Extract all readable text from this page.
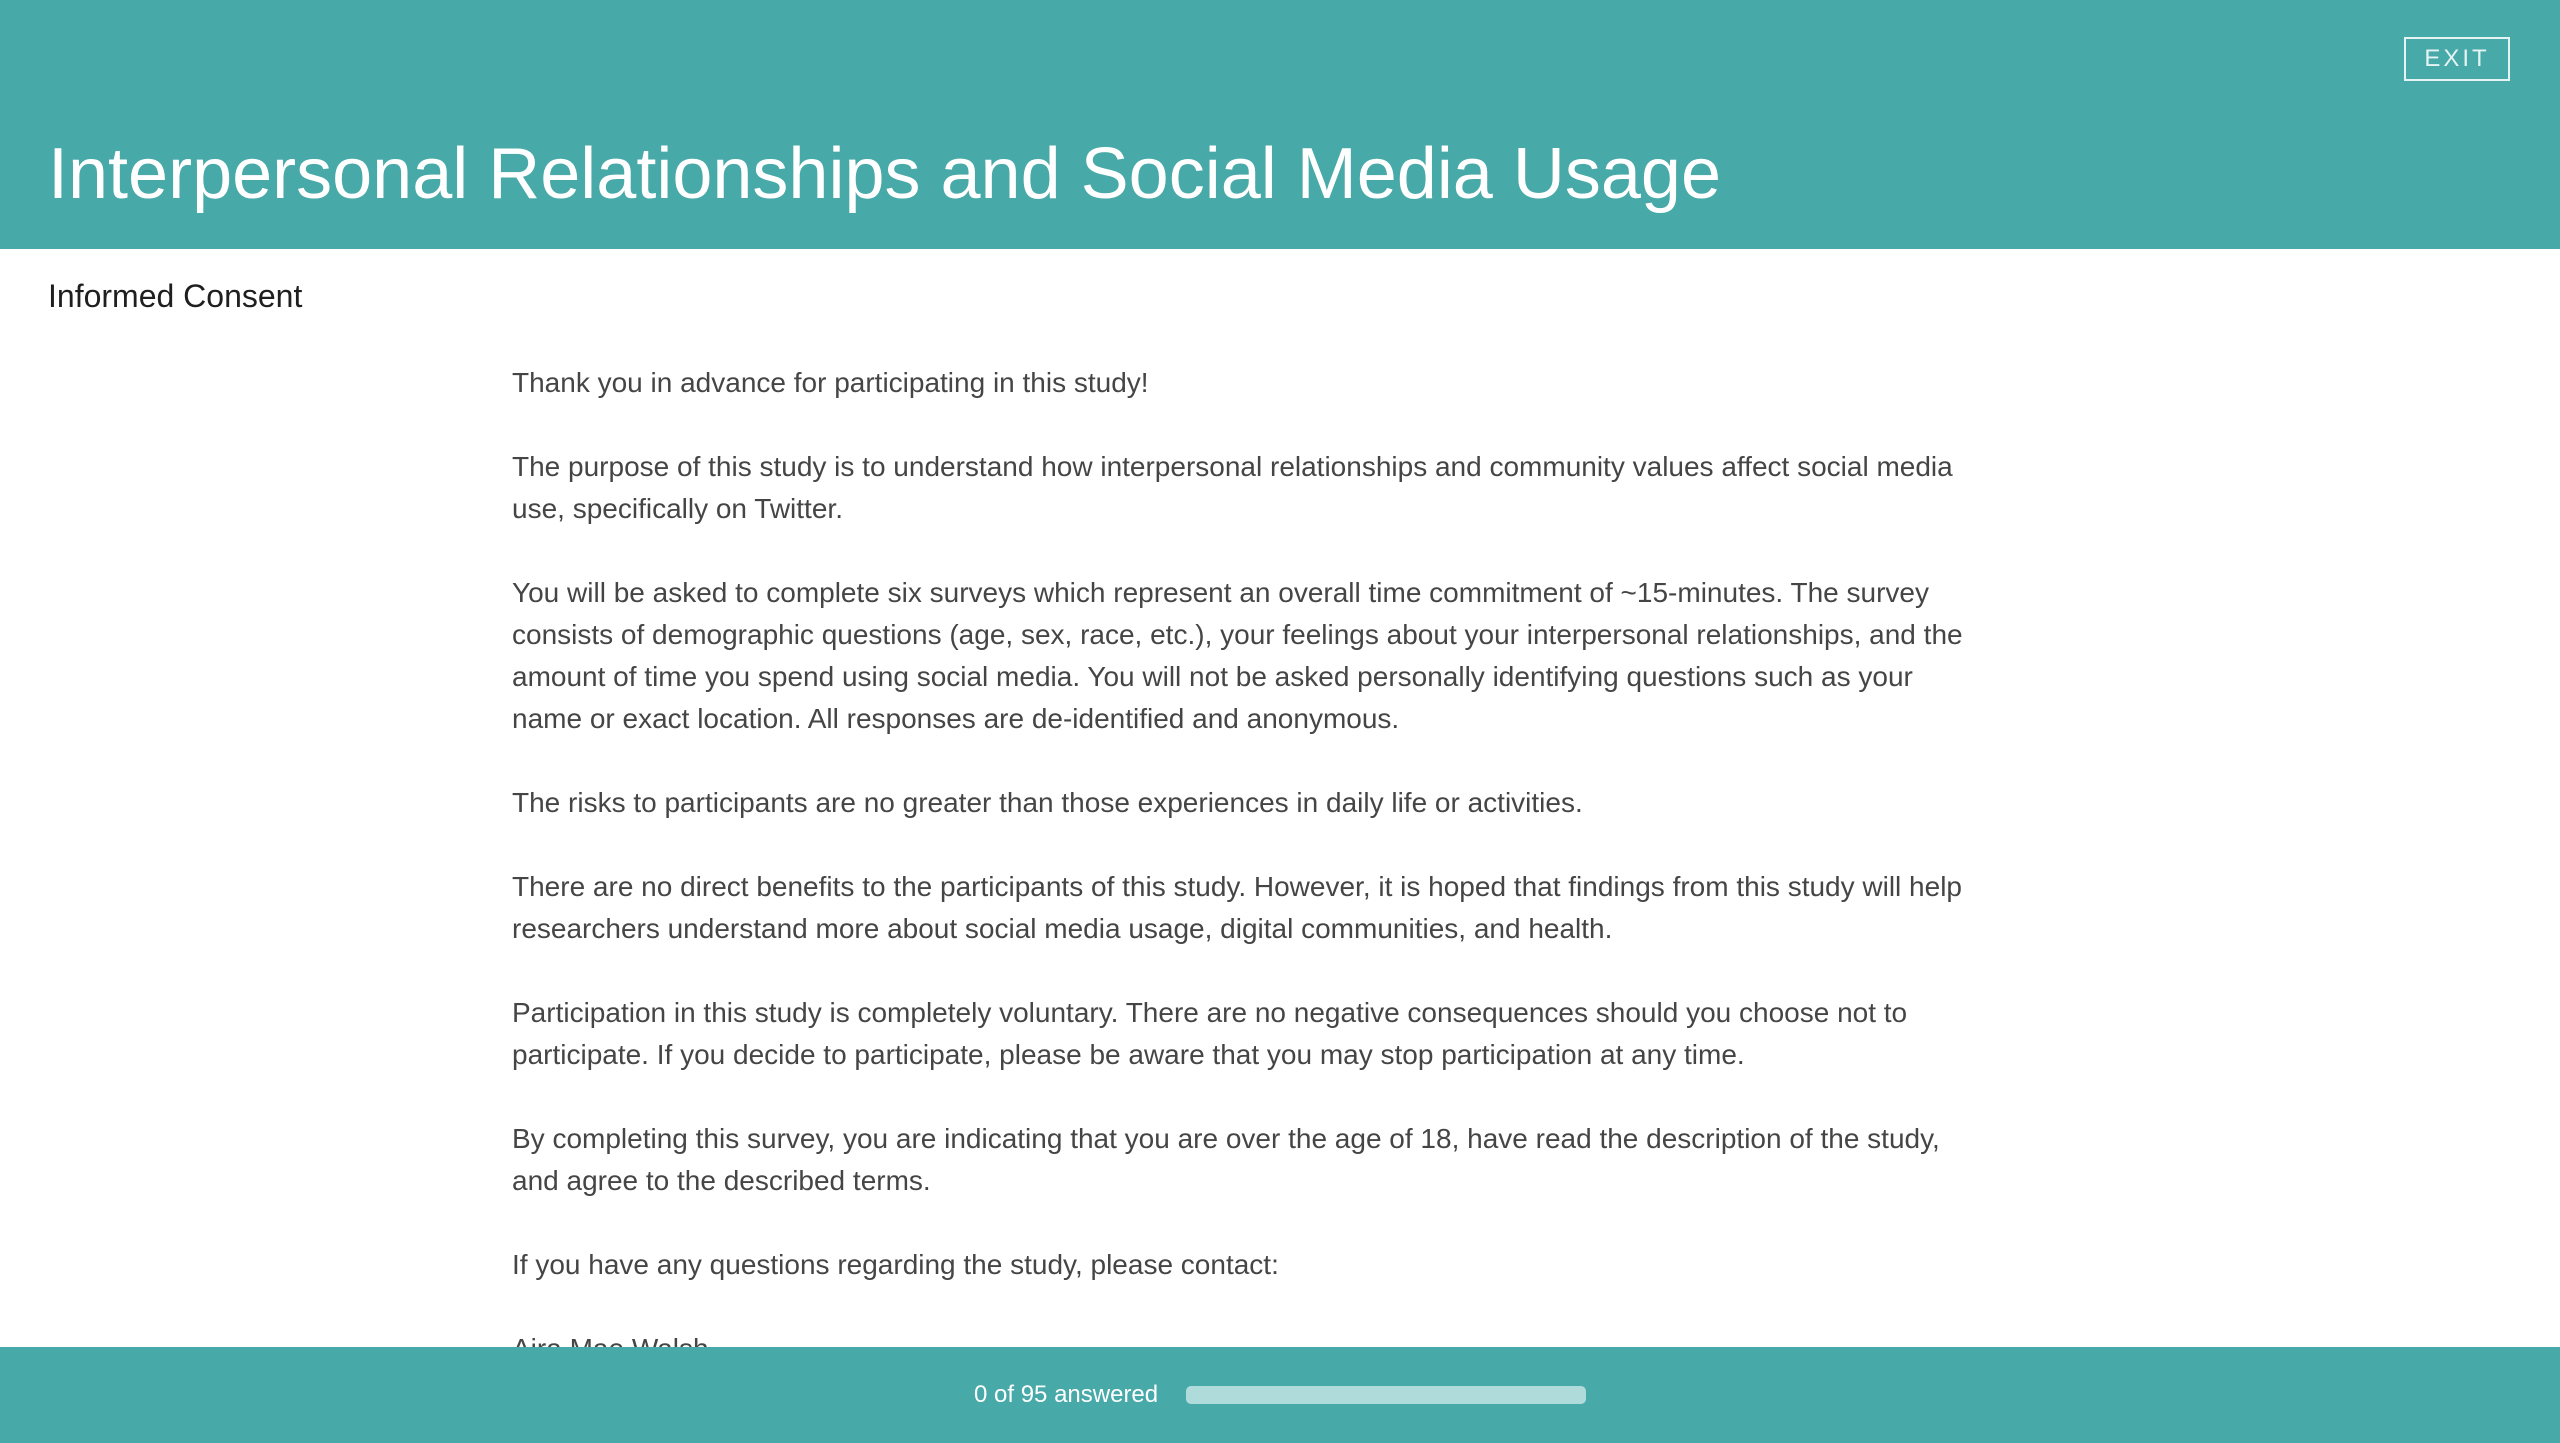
EXIT
Interpersonal Relationships and Social Media Usage
Informed Consent

Thank you in advance for participating in this study!

The purpose of this study is to understand how interpersonal relationships and community values affect social media use, specifically on Twitter.

You will be asked to complete six surveys which represent an overall time commitment of ~15-minutes. The survey consists of demographic questions (age, sex, race, etc.), your feelings about your interpersonal relationships, and the amount of time you spend using social media. You will not be asked personally identifying questions such as your name or exact location. All responses are de-identified and anonymous.

The risks to participants are no greater than those experiences in daily life or activities.

There are no direct benefits to the participants of this study. However, it is hoped that findings from this study will help researchers understand more about social media usage, digital communities, and health.

Participation in this study is completely voluntary. There are no negative consequences should you choose not to participate. If you decide to participate, please be aware that you may stop participation at any time.

By completing this survey, you are indicating that you are over the age of 18, have read the description of the study, and agree to the described terms.

If you have any questions regarding the study, please contact:

0 of 95 answered
